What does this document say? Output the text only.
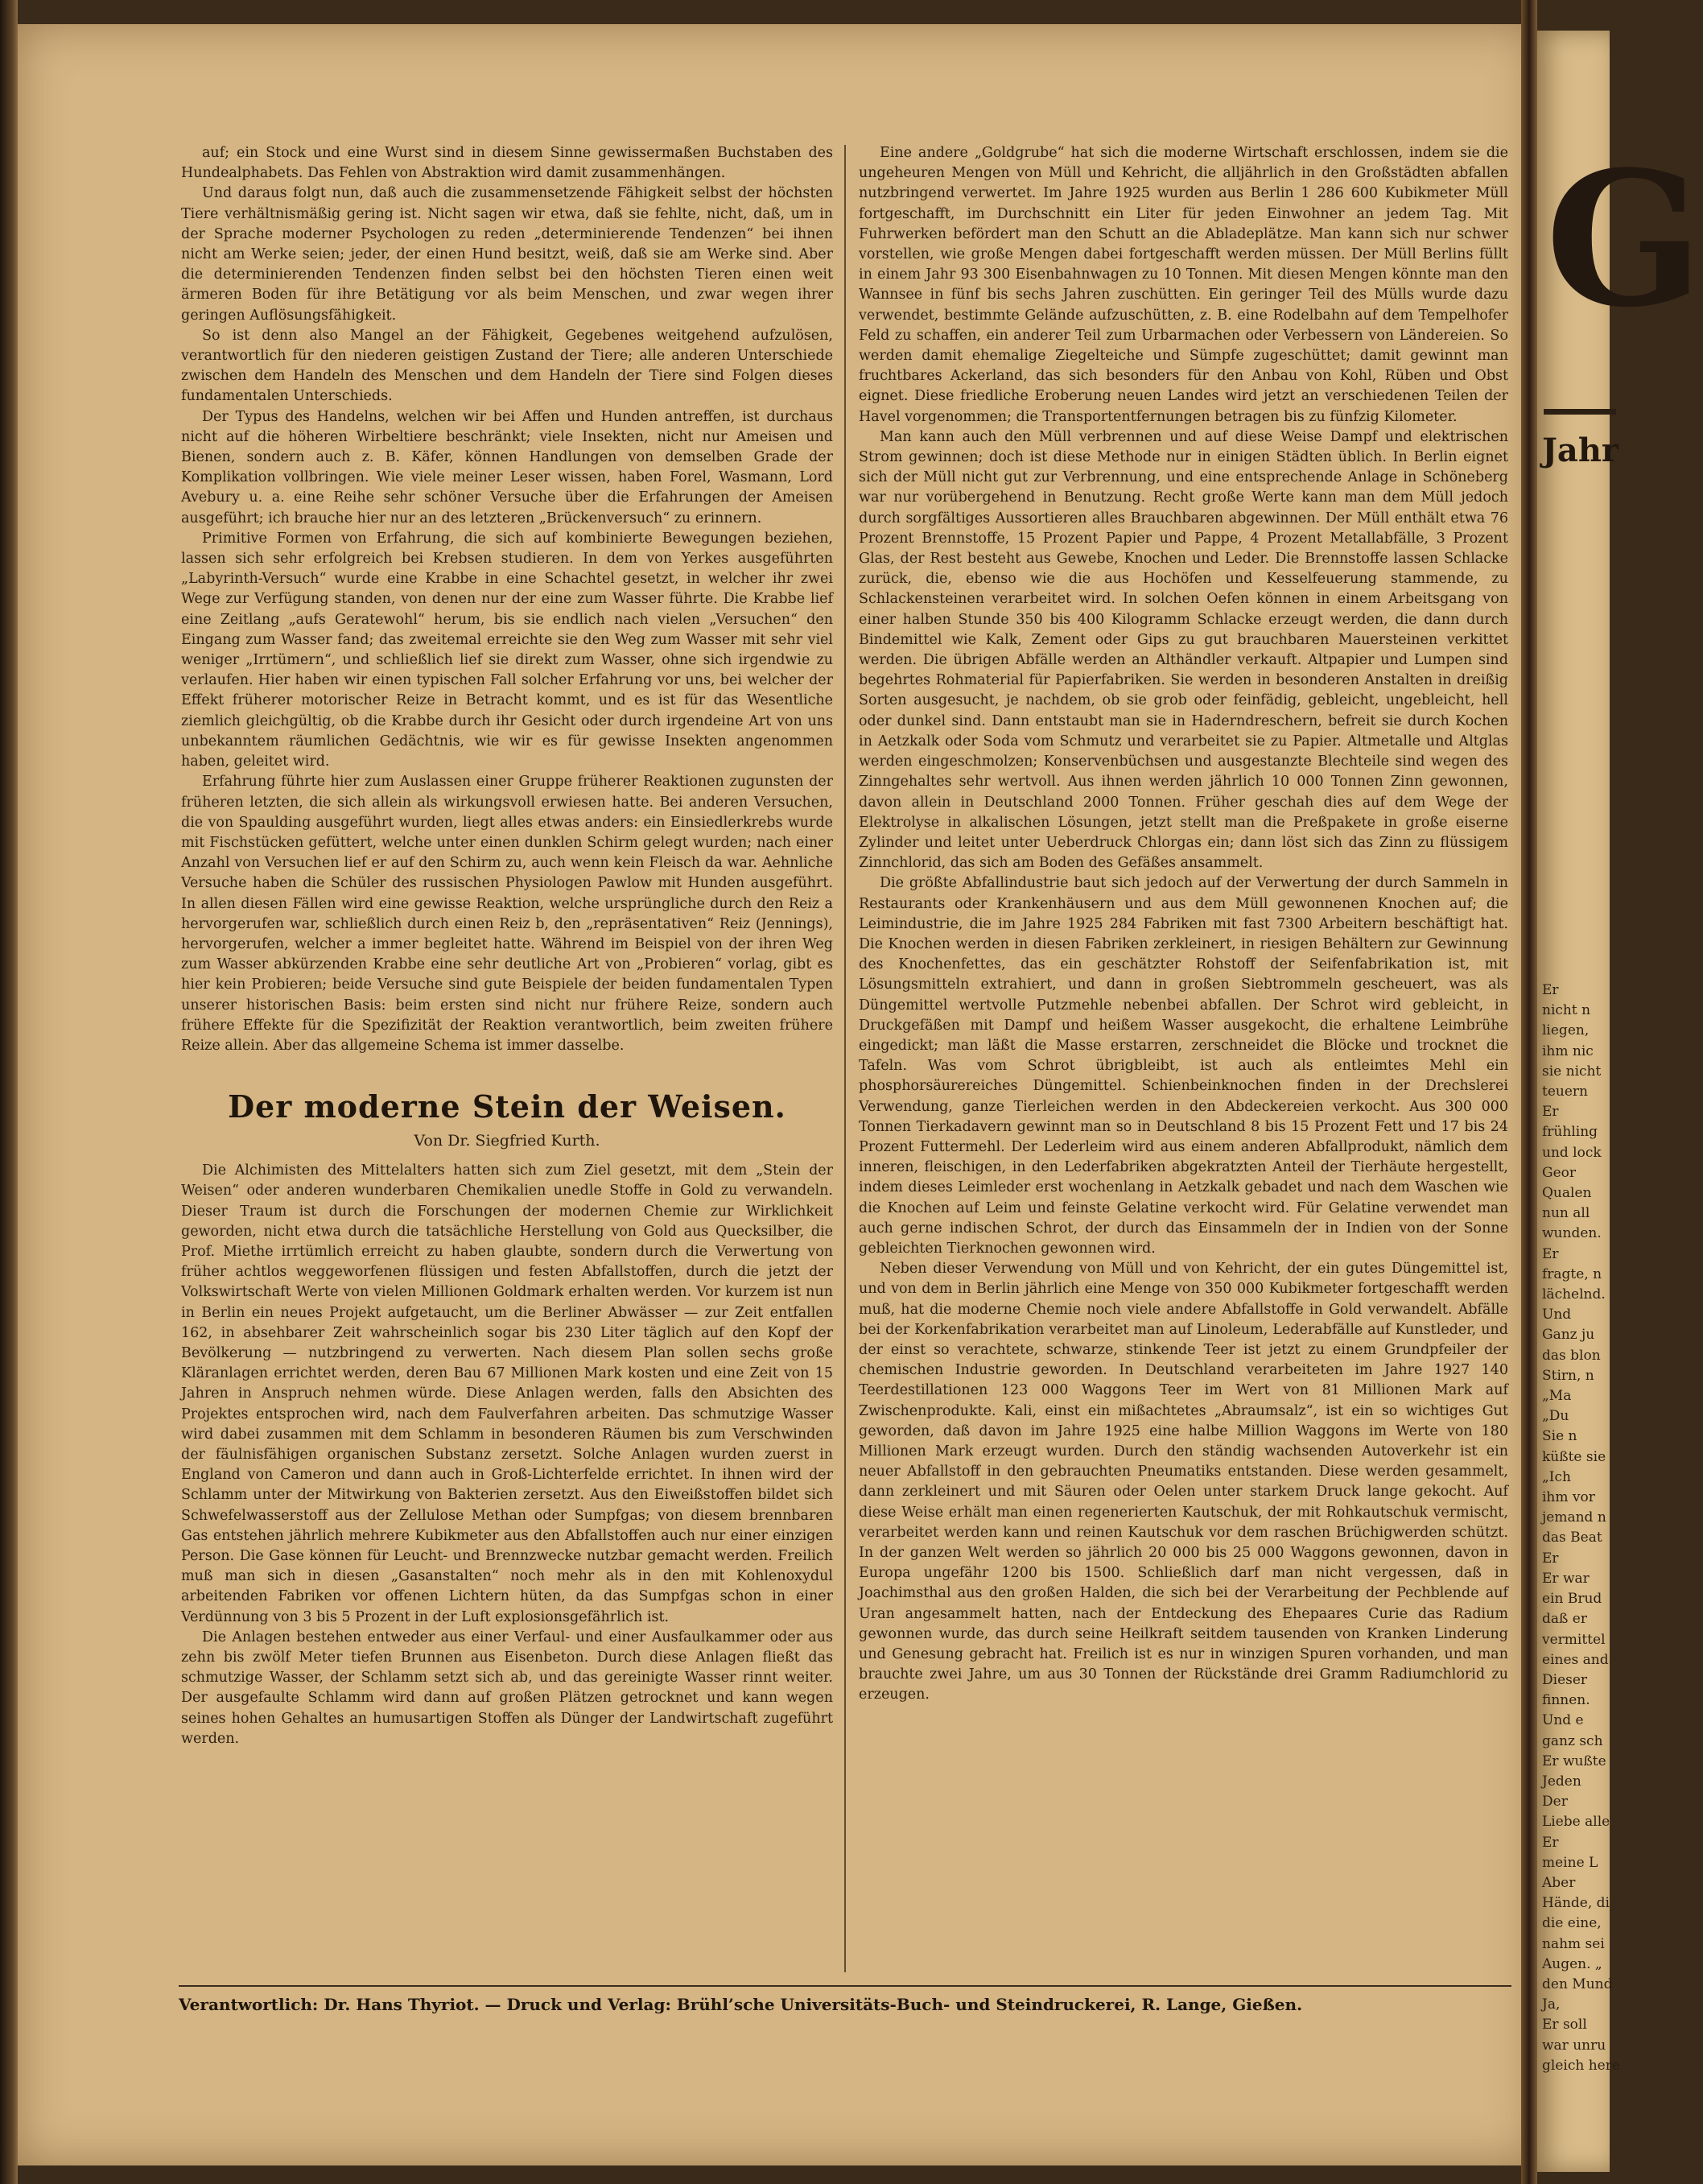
auf; ein Stock und eine Wurst sind in diesem Sinne gewissermaßen Buchstaben des Hundealphabets. Das Fehlen von Abstraktion wird damit zusammenhängen.

Und daraus folgt nun, daß auch die zusammensetzende Fähigkeit selbst der höchsten Tiere verhältnismäßig gering ist. Nicht sagen wir etwa, daß sie fehlte, nicht, daß, um in der Sprache moderner Psychologen zu reden „determinierende Tendenzen“ bei ihnen nicht am Werke seien; jeder, der einen Hund besitzt, weiß, daß sie am Werke sind. Aber die determinierenden Tendenzen finden selbst bei den höchsten Tieren einen weit ärmeren Boden für ihre Betätigung vor als beim Menschen, und zwar wegen ihrer geringen Auflösungsfähigkeit.

So ist denn also Mangel an der Fähigkeit, Gegebenes weitgehend aufzulösen, verantwortlich für den niederen geistigen Zustand der Tiere; alle anderen Unterschiede zwischen dem Handeln des Menschen und dem Handeln der Tiere sind Folgen dieses fundamentalen Unterschieds.

Der Typus des Handelns, welchen wir bei Affen und Hunden antreffen, ist durchaus nicht auf die höheren Wirbeltiere beschränkt; viele Insekten, nicht nur Ameisen und Bienen, sondern auch z. B. Käfer, können Handlungen von demselben Grade der Komplikation vollbringen. Wie viele meiner Leser wissen, haben Forel, Wasmann, Lord Avebury u. a. eine Reihe sehr schöner Versuche über die Erfahrungen der Ameisen ausgeführt; ich brauche hier nur an des letzteren „Brückenversuch“ zu erinnern.

Primitive Formen von Erfahrung, die sich auf kombinierte Bewegungen beziehen, lassen sich sehr erfolgreich bei Krebsen studieren. In dem von Yerkes ausgeführten „Labyrinth-Versuch“ wurde eine Krabbe in eine Schachtel gesetzt, in welcher ihr zwei Wege zur Verfügung standen, von denen nur der eine zum Wasser führte. Die Krabbe lief eine Zeitlang „aufs Geratewohl“ herum, bis sie endlich nach vielen „Versuchen“ den Eingang zum Wasser fand; das zweitemal erreichte sie den Weg zum Wasser mit sehr viel weniger „Irrtümern“, und schließlich lief sie direkt zum Wasser, ohne sich irgendwie zu verlaufen. Hier haben wir einen typischen Fall solcher Erfahrung vor uns, bei welcher der Effekt früherer motorischer Reize in Betracht kommt, und es ist für das Wesentliche ziemlich gleichgültig, ob die Krabbe durch ihr Gesicht oder durch irgendeine Art von uns unbekanntem räumlichen Gedächtnis, wie wir es für gewisse Insekten angenommen haben, geleitet wird.

Erfahrung führte hier zum Auslassen einer Gruppe früherer Reaktionen zugunsten der früheren letzten, die sich allein als wirkungsvoll erwiesen hatte. Bei anderen Versuchen, die von Spaulding ausgeführt wurden, liegt alles etwas anders: ein Einsiedlerkrebs wurde mit Fischstücken gefüttert, welche unter einen dunklen Schirm gelegt wurden; nach einer Anzahl von Versuchen lief er auf den Schirm zu, auch wenn kein Fleisch da war. Aehnliche Versuche haben die Schüler des russischen Physiologen Pawlow mit Hunden ausgeführt. In allen diesen Fällen wird eine gewisse Reaktion, welche ursprüngliche durch den Reiz a hervorgerufen war, schließlich durch einen Reiz b, den „repräsentativen“ Reiz (Jennings), hervorgerufen, welcher a immer begleitet hatte. Während im Beispiel von der ihren Weg zum Wasser abkürzenden Krabbe eine sehr deutliche Art von „Probieren“ vorlag, gibt es hier kein Probieren; beide Versuche sind gute Beispiele der beiden fundamentalen Typen unserer historischen Basis: beim ersten sind nicht nur frühere Reize, sondern auch frühere Effekte für die Spezifizität der Reaktion verantwortlich, beim zweiten frühere Reize allein. Aber das allgemeine Schema ist immer dasselbe.

Der moderne Stein der Weisen.

Von Dr. Siegfried Kurth.

Die Alchimisten des Mittelalters hatten sich zum Ziel gesetzt, mit dem „Stein der Weisen“ oder anderen wunderbaren Chemikalien unedle Stoffe in Gold zu verwandeln. Dieser Traum ist durch die Forschungen der modernen Chemie zur Wirklichkeit geworden, nicht etwa durch die tatsächliche Herstellung von Gold aus Quecksilber, die Prof. Miethe irrtümlich erreicht zu haben glaubte, sondern durch die Verwertung von früher achtlos weggeworfenen flüssigen und festen Abfallstoffen, durch die jetzt der Volkswirtschaft Werte von vielen Millionen Goldmark erhalten werden. Vor kurzem ist nun in Berlin ein neues Projekt aufgetaucht, um die Berliner Abwässer — zur Zeit entfallen 162, in absehbarer Zeit wahrscheinlich sogar bis 230 Liter täglich auf den Kopf der Bevölkerung — nutzbringend zu verwerten. Nach diesem Plan sollen sechs große Kläranlagen errichtet werden, deren Bau 67 Millionen Mark kosten und eine Zeit von 15 Jahren in Anspruch nehmen würde. Diese Anlagen werden, falls den Absichten des Projektes entsprochen wird, nach dem Faulverfahren arbeiten. Das schmutzige Wasser wird dabei zusammen mit dem Schlamm in besonderen Räumen bis zum Verschwinden der fäulnisfähigen organischen Substanz zersetzt. Solche Anlagen wurden zuerst in England von Cameron und dann auch in Groß-Lichterfelde errichtet. In ihnen wird der Schlamm unter der Mitwirkung von Bakterien zersetzt. Aus den Eiweißstoffen bildet sich Schwefelwasserstoff aus der Zellulose Methan oder Sumpfgas; von diesem brennbaren Gas entstehen jährlich mehrere Kubikmeter aus den Abfallstoffen auch nur einer einzigen Person. Die Gase können für Leucht- und Brennzwecke nutzbar gemacht werden. Freilich muß man sich in diesen „Gasanstalten“ noch mehr als in den mit Kohlenoxydul arbeitenden Fabriken vor offenen Lichtern hüten, da das Sumpfgas schon in einer Verdünnung von 3 bis 5 Prozent in der Luft explosionsgefährlich ist.

Die Anlagen bestehen entweder aus einer Verfaul- und einer Ausfaulkammer oder aus zehn bis zwölf Meter tiefen Brunnen aus Eisenbeton. Durch diese Anlagen fließt das schmutzige Wasser, der Schlamm setzt sich ab, und das gereinigte Wasser rinnt weiter. Der ausgefaulte Schlamm wird dann auf großen Plätzen getrocknet und kann wegen seines hohen Gehaltes an humusartigen Stoffen als Dünger der Landwirtschaft zugeführt werden.

Eine andere „Goldgrube“ hat sich die moderne Wirtschaft erschlossen, indem sie die ungeheuren Mengen von Müll und Kehricht, die alljährlich in den Großstädten abfallen nutzbringend verwertet. Im Jahre 1925 wurden aus Berlin 1 286 600 Kubikmeter Müll fortgeschafft, im Durchschnitt ein Liter für jeden Einwohner an jedem Tag. Mit Fuhrwerken befördert man den Schutt an die Abladeplätze. Man kann sich nur schwer vorstellen, wie große Mengen dabei fortgeschafft werden müssen. Der Müll Berlins füllt in einem Jahr 93 300 Eisenbahnwagen zu 10 Tonnen. Mit diesen Mengen könnte man den Wannsee in fünf bis sechs Jahren zuschütten. Ein geringer Teil des Mülls wurde dazu verwendet, bestimmte Gelände aufzuschütten, z. B. eine Rodelbahn auf dem Tempelhofer Feld zu schaffen, ein anderer Teil zum Urbarmachen oder Verbessern von Ländereien. So werden damit ehemalige Ziegelteiche und Sümpfe zugeschüttet; damit gewinnt man fruchtbares Ackerland, das sich besonders für den Anbau von Kohl, Rüben und Obst eignet. Diese friedliche Eroberung neuen Landes wird jetzt an verschiedenen Teilen der Havel vorgenommen; die Transportentfernungen betragen bis zu fünfzig Kilometer.

Man kann auch den Müll verbrennen und auf diese Weise Dampf und elektrischen Strom gewinnen; doch ist diese Methode nur in einigen Städten üblich. In Berlin eignet sich der Müll nicht gut zur Verbrennung, und eine entsprechende Anlage in Schöneberg war nur vorübergehend in Benutzung. Recht große Werte kann man dem Müll jedoch durch sorgfältiges Aussortieren alles Brauchbaren abgewinnen. Der Müll enthält etwa 76 Prozent Brennstoffe, 15 Prozent Papier und Pappe, 4 Prozent Metallabfälle, 3 Prozent Glas, der Rest besteht aus Gewebe, Knochen und Leder. Die Brennstoffe lassen Schlacke zurück, die, ebenso wie die aus Hochöfen und Kesselfeuerung stammende, zu Schlackensteinen verarbeitet wird. In solchen Oefen können in einem Arbeitsgang von einer halben Stunde 350 bis 400 Kilogramm Schlacke erzeugt werden, die dann durch Bindemittel wie Kalk, Zement oder Gips zu gut brauchbaren Mauersteinen verkittet werden. Die übrigen Abfälle werden an Althändler verkauft. Altpapier und Lumpen sind begehrtes Rohmaterial für Papierfabriken. Sie werden in besonderen Anstalten in dreißig Sorten ausgesucht, je nachdem, ob sie grob oder feinfädig, gebleicht, ungebleicht, hell oder dunkel sind. Dann entstaubt man sie in Haderndreschern, befreit sie durch Kochen in Aetzkalk oder Soda vom Schmutz und verarbeitet sie zu Papier. Altmetalle und Altglas werden eingeschmolzen; Konservenbüchsen und ausgestanzte Blechteile sind wegen des Zinngehaltes sehr wertvoll. Aus ihnen werden jährlich 10 000 Tonnen Zinn gewonnen, davon allein in Deutschland 2000 Tonnen. Früher geschah dies auf dem Wege der Elektrolyse in alkalischen Lösungen, jetzt stellt man die Preßpakete in große eiserne Zylinder und leitet unter Ueberdruck Chlorgas ein; dann löst sich das Zinn zu flüssigem Zinnchlorid, das sich am Boden des Gefäßes ansammelt.

Die größte Abfallindustrie baut sich jedoch auf der Verwertung der durch Sammeln in Restaurants oder Krankenhäusern und aus dem Müll gewonnenen Knochen auf; die Leimindustrie, die im Jahre 1925 284 Fabriken mit fast 7300 Arbeitern beschäftigt hat. Die Knochen werden in diesen Fabriken zerkleinert, in riesigen Behältern zur Gewinnung des Knochenfettes, das ein geschätzter Rohstoff der Seifenfabrikation ist, mit Lösungsmitteln extrahiert, und dann in großen Siebtrommeln gescheuert, was als Düngemittel wertvolle Putzmehle nebenbei abfallen. Der Schrot wird gebleicht, in Druckgefäßen mit Dampf und heißem Wasser ausgekocht, die erhaltene Leimbrühe eingedickt; man läßt die Masse erstarren, zerschneidet die Blöcke und trocknet die Tafeln. Was vom Schrot übrigbleibt, ist auch als entleimtes Mehl ein phosphorsäurereiches Düngemittel. Schienbeinknochen finden in der Drechslerei Verwendung, ganze Tierleichen werden in den Abdeckereien verkocht. Aus 300 000 Tonnen Tierkadavern gewinnt man so in Deutschland 8 bis 15 Prozent Fett und 17 bis 24 Prozent Futtermehl. Der Lederleim wird aus einem anderen Abfallprodukt, nämlich dem inneren, fleischigen, in den Lederfabriken abgekratzten Anteil der Tierhäute hergestellt, indem dieses Leimleder erst wochenlang in Aetzkalk gebadet und nach dem Waschen wie die Knochen auf Leim und feinste Gelatine verkocht wird. Für Gelatine verwendet man auch gerne indischen Schrot, der durch das Einsammeln der in Indien von der Sonne gebleichten Tierknochen gewonnen wird.

Neben dieser Verwendung von Müll und von Kehricht, der ein gutes Düngemittel ist, und von dem in Berlin jährlich eine Menge von 350 000 Kubikmeter fortgeschafft werden muß, hat die moderne Chemie noch viele andere Abfallstoffe in Gold verwandelt. Abfälle bei der Korkenfabrikation verarbeitet man auf Linoleum, Lederabfälle auf Kunstleder, und der einst so verachtete, schwarze, stinkende Teer ist jetzt zu einem Grundpfeiler der chemischen Industrie geworden. In Deutschland verarbeiteten im Jahre 1927 140 Teerdestillationen 123 000 Waggons Teer im Wert von 81 Millionen Mark auf Zwischenprodukte. Kali, einst ein mißachtetes „Abraumsalz“, ist ein so wichtiges Gut geworden, daß davon im Jahre 1925 eine halbe Million Waggons im Werte von 180 Millionen Mark erzeugt wurden. Durch den ständig wachsenden Autoverkehr ist ein neuer Abfallstoff in den gebrauchten Pneumatiks entstanden. Diese werden gesammelt, dann zerkleinert und mit Säuren oder Oelen unter starkem Druck lange gekocht. Auf diese Weise erhält man einen regenerierten Kautschuk, der mit Rohkautschuk vermischt, verarbeitet werden kann und reinen Kautschuk vor dem raschen Brüchigwerden schützt. In der ganzen Welt werden so jährlich 20 000 bis 25 000 Waggons gewonnen, davon in Europa ungefähr 1200 bis 1500. Schließlich darf man nicht vergessen, daß in Joachimsthal aus den großen Halden, die sich bei der Verarbeitung der Pechblende auf Uran angesammelt hatten, nach der Entdeckung des Ehepaares Curie das Radium gewonnen wurde, das durch seine Heilkraft seitdem tausenden von Kranken Linderung und Genesung gebracht hat. Freilich ist es nur in winzigen Spuren vorhanden, und man brauchte zwei Jahre, um aus 30 Tonnen der Rückstände drei Gramm Radiumchlorid zu erzeugen.

Verantwortlich: Dr. Hans Thyriot. — Druck und Verlag: Brühl’sche Universitäts-Buch- und Steindruckerei, R. Lange, Gießen.

G
Jahr

Er

nicht n

liegen,

ihm nic

sie nicht

teuern

Er

frühling

und lock

Geor

Qualen

nun all

wunden.

Er

fragte, n

lächelnd.

Und

Ganz ju

das blon

Stirn, n

„Ma

„Du

Sie n

küßte sie

„Ich

ihm vor

jemand n

das Beat

Er

Er war

ein Brud

daß er

vermittel

eines and

Dieser

finnen.

Und e

ganz sch

Er wußte

Jeden

Der

Liebe alle

Er

meine L

Aber

Hände, di

die eine,

nahm sei

Augen. „

den Mund

Ja,

Er soll

war unru

gleich here
